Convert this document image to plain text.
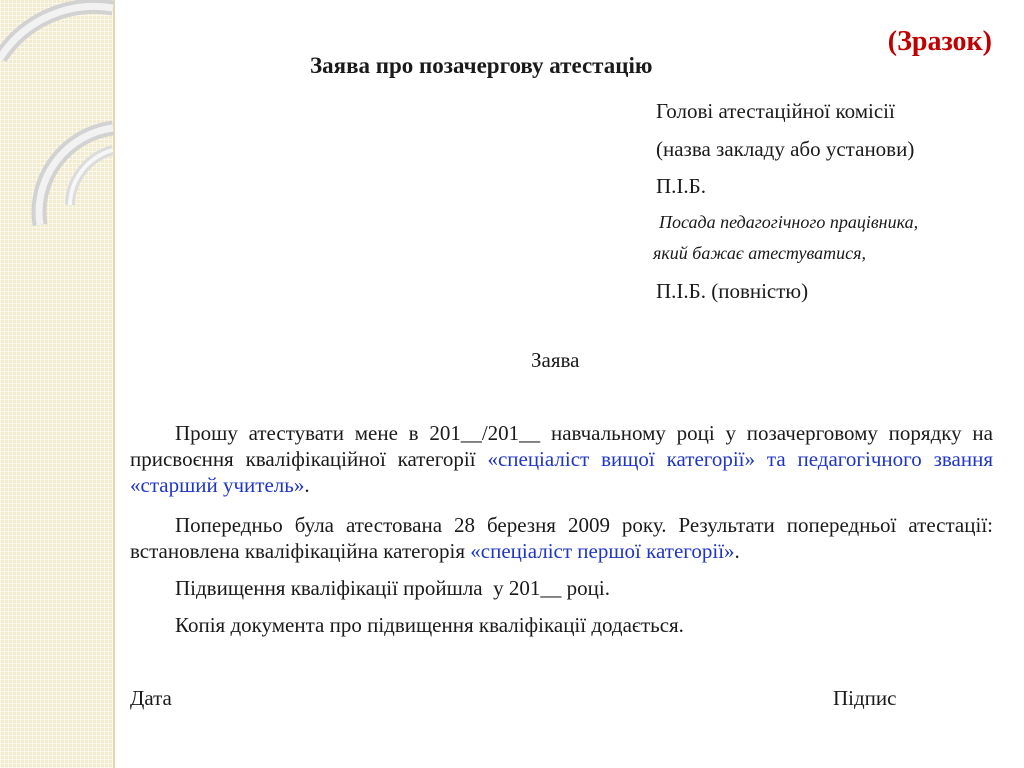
(Зразок)

Заява про позачергову атестацію

Голові атестаційної комісії

(назва закладу або установи)

П.І.Б.

Посада педагогічного працівника,

який бажає атестуватися,

П.І.Б. (повністю)

Заява

Прошу атестувати мене в 201__/201__ навчальному році у позачерговому порядку на присвоєння кваліфікаційної категорії «спеціаліст вищої категорії» та педагогічного звання «старший учитель».

Попередньо була атестована 28 березня 2009 року. Результати попередньої атестації: встановлена кваліфікаційна категорія «спеціаліст першої категорії».

Підвищення кваліфікації пройшла  у 201__ році.

Копія документа про підвищення кваліфікації додається.

Дата	Підпис
